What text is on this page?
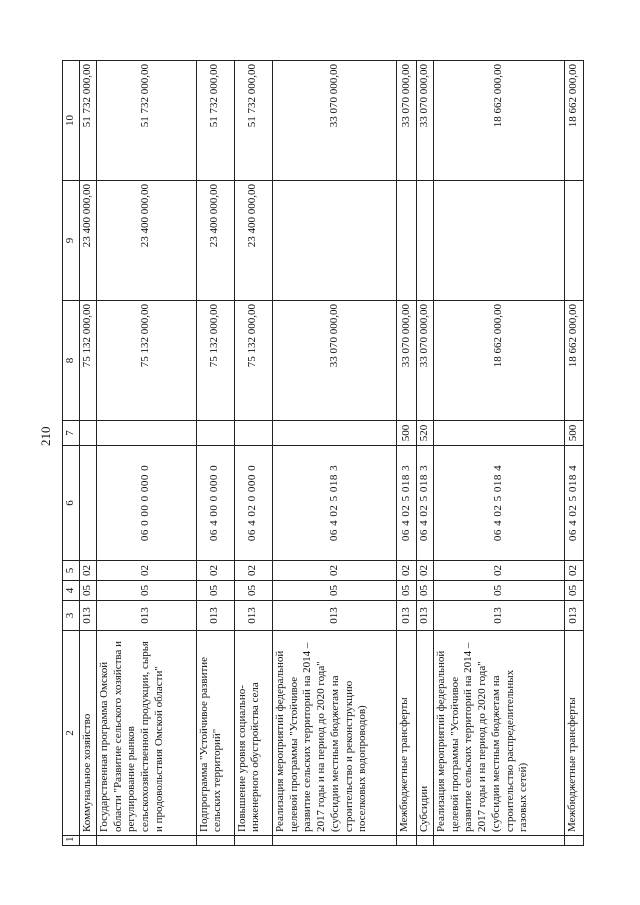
210
1	2	3	4	5	6	7	8	9	10
	Коммунальное хозяйство	013	05	02			75 132 000,00	23 400 000,00	51 732 000,00
	Государственная программа Омской области "Развитие сельского хозяйства и регулирование рынков сельскохозяйственной продукции, сырья и продовольствия Омской области"	013	05	02	06 0 00 0 000 0		75 132 000,00	23 400 000,00	51 732 000,00
	Подпрограмма "Устойчивое развитие сельских территорий"	013	05	02	06 4 00 0 000 0		75 132 000,00	23 400 000,00	51 732 000,00
	Повышение уровня социально-инженерного обустройства села	013	05	02	06 4 02 0 000 0		75 132 000,00	23 400 000,00	51 732 000,00
	Реализация мероприятий федеральной целевой программы "Устойчивое развитие сельских территорий на 2014 – 2017 годы и на период до 2020 года" (субсидии местным бюджетам на строительство и реконструкцию поселковых водопроводов)	013	05	02	06 4 02 5 018 3		33 070 000,00		33 070 000,00
	Межбюджетные трансферты	013	05	02	06 4 02 5 018 3	500	33 070 000,00		33 070 000,00
	Субсидии	013	05	02	06 4 02 5 018 3	520	33 070 000,00		33 070 000,00
	Реализация мероприятий федеральной целевой программы "Устойчивое развитие сельских территорий на 2014 – 2017 годы и на период до 2020 года" (субсидии местным бюджетам на строительство распределительных газовых сетей)	013	05	02	06 4 02 5 018 4		18 662 000,00		18 662 000,00
	Межбюджетные трансферты	013	05	02	06 4 02 5 018 4	500	18 662 000,00		18 662 000,00
